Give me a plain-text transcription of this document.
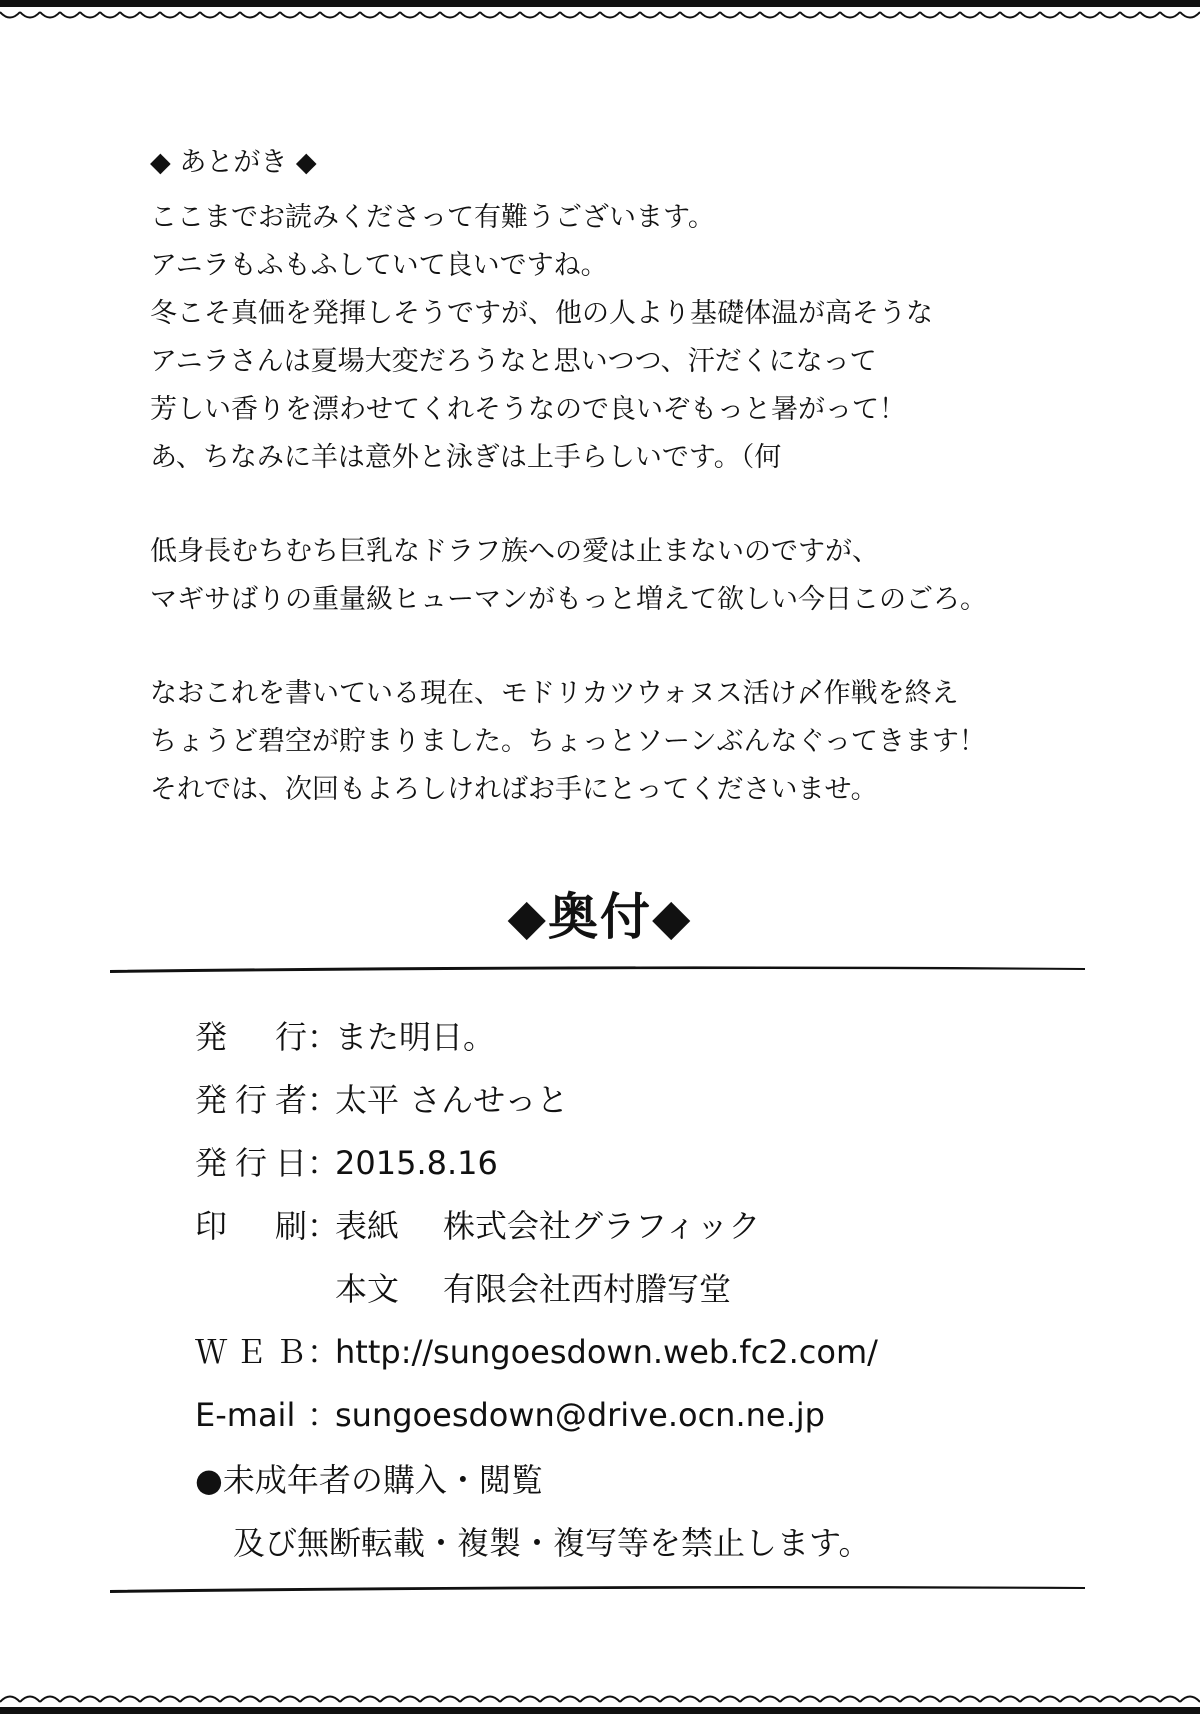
◆ あとがき ◆
ここまでお読みくださって有難うございます。
アニラもふもふしていて良いですね。
冬こそ真価を発揮しそうですが、他の人より基礎体温が高そうな
アニラさんは夏場大変だろうなと思いつつ、汗だくになって
芳しい香りを漂わせてくれそうなので良いぞもっと暑がって！
あ、ちなみに羊は意外と泳ぎは上手らしいです。（何
低身長むちむち巨乳なドラフ族への愛は止まないのですが、
マギサばりの重量級ヒューマンがもっと増えて欲しい今日このごろ。
なおこれを書いている現在、モドリカツウォヌス活け〆作戦を終え
ちょうど碧空が貯まりました。ちょっとソーンぶんなぐってきます！
それでは、次回もよろしければお手にとってくださいませ。
◆奥付◆
発　行 ：
また明日。
発行者 ：
太平 さんせっと
発行日 ：
2015.8.16
印　刷 ：
表紙	株式会社グラフィック
本文	有限会社西村謄写堂
ＷＥＢ ：
http://sungoesdown.web.fc2.com/
E-mail ：
sungoesdown@drive.ocn.ne.jp
●未成年者の購入・閲覧
及び無断転載・複製・複写等を禁止します。
